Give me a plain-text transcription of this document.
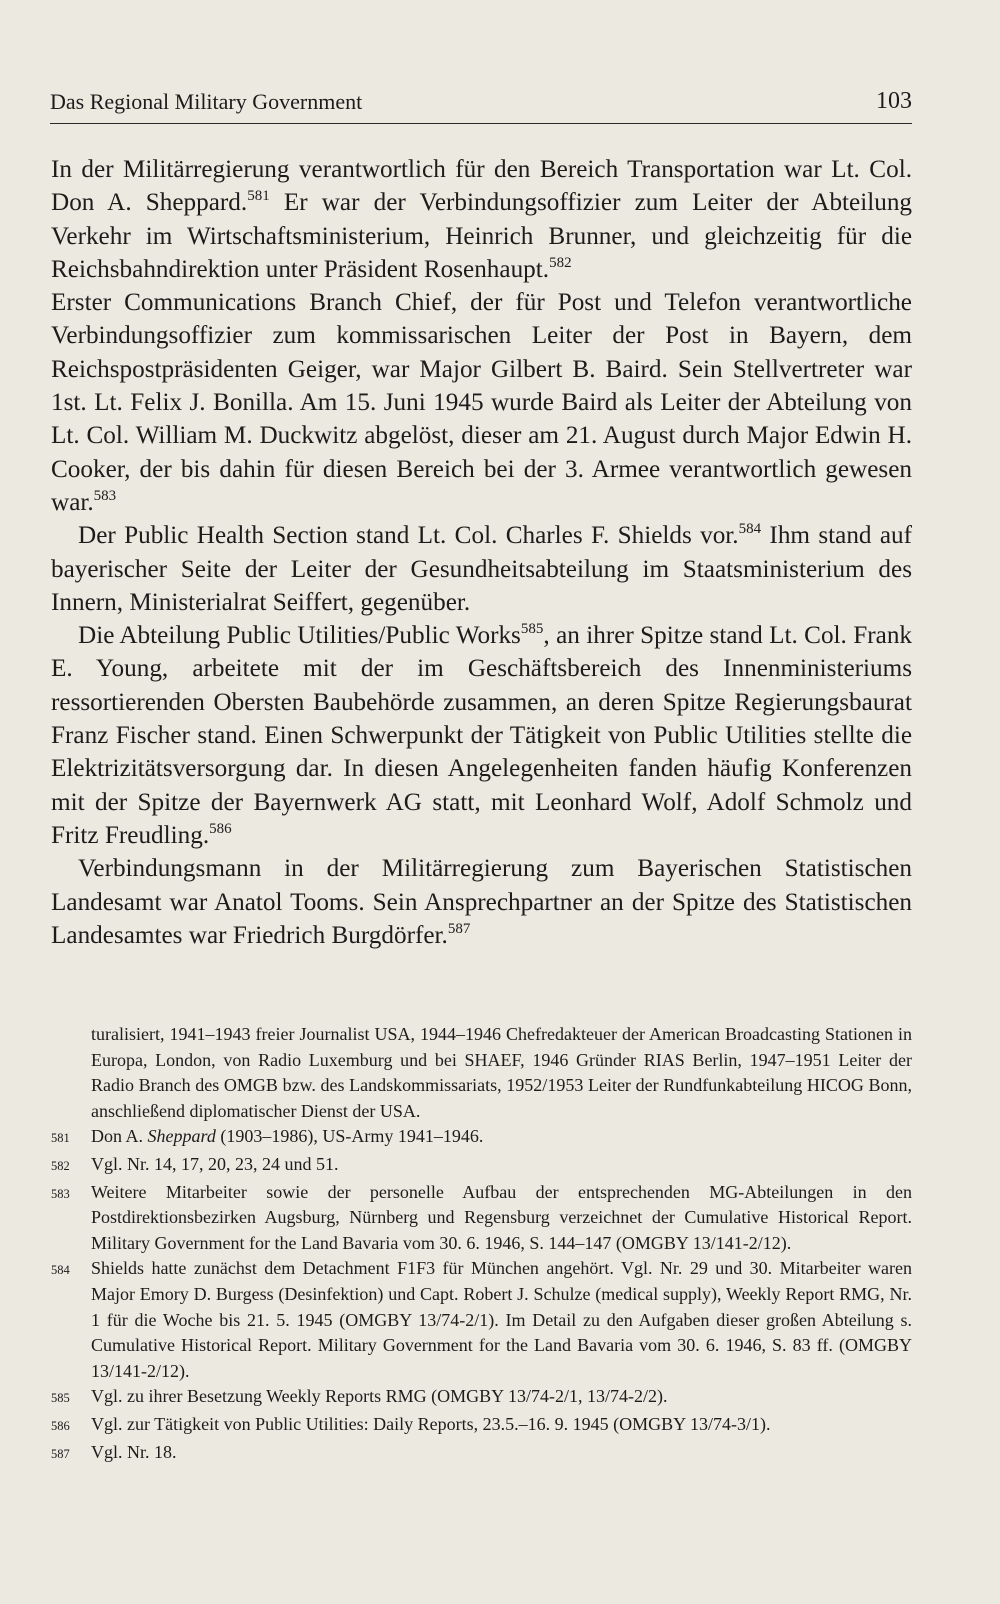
Das Regional Military Government	103

In der Militärregierung verantwortlich für den Bereich Transportation war Lt. Col. Don A. Sheppard.$^{581}$ Er war der Verbindungsoffizier zum Leiter der Abteilung Verkehr im Wirtschaftsministerium, Heinrich Brunner, und gleichzeitig für die Reichsbahndirektion unter Präsident Rosenhaupt.$^{582}$

Erster Communications Branch Chief, der für Post und Telefon verantwortliche Verbindungsoffizier zum kommissarischen Leiter der Post in Bayern, dem Reichspostpräsidenten Geiger, war Major Gilbert B. Baird. Sein Stellvertreter war 1st. Lt. Felix J. Bonilla. Am 15. Juni 1945 wurde Baird als Leiter der Abteilung von Lt. Col. William M. Duckwitz abgelöst, dieser am 21. August durch Major Edwin H. Cooker, der bis dahin für diesen Bereich bei der 3. Armee verantwortlich gewesen war.$^{583}$

Der Public Health Section stand Lt. Col. Charles F. Shields vor.$^{584}$ Ihm stand auf bayerischer Seite der Leiter der Gesundheitsabteilung im Staatsministerium des Innern, Ministerialrat Seiffert, gegenüber.

Die Abteilung Public Utilities/Public Works$^{585}$, an ihrer Spitze stand Lt. Col. Frank E. Young, arbeitete mit der im Geschäftsbereich des Innenministeriums ressortierenden Obersten Baubehörde zusammen, an deren Spitze Regierungsbaurat Franz Fischer stand. Einen Schwerpunkt der Tätigkeit von Public Utilities stellte die Elektrizitätsversorgung dar. In diesen Angelegenheiten fanden häufig Konferenzen mit der Spitze der Bayernwerk AG statt, mit Leonhard Wolf, Adolf Schmolz und Fritz Freudling.$^{586}$

Verbindungsmann in der Militärregierung zum Bayerischen Statistischen Landesamt war Anatol Tooms. Sein Ansprechpartner an der Spitze des Statistischen Landesamtes war Friedrich Burgdörfer.$^{587}$

turalisiert, 1941–1943 freier Journalist USA, 1944–1946 Chefredakteuer der American Broadcasting Stationen in Europa, London, von Radio Luxemburg und bei SHAEF, 1946 Gründer RIAS Berlin, 1947–1951 Leiter der Radio Branch des OMGB bzw. des Landskommissariats, 1952/1953 Leiter der Rundfunkabteilung HICOG Bonn, anschließend diplomatischer Dienst der USA.

581	Don A. Sheppard (1903–1986), US-Army 1941–1946.
582	Vgl. Nr. 14, 17, 20, 23, 24 und 51.
583	Weitere Mitarbeiter sowie der personelle Aufbau der entsprechenden MG-Abteilungen in den Postdirektionsbezirken Augsburg, Nürnberg und Regensburg verzeichnet der Cumulative Historical Report. Military Government for the Land Bavaria vom 30. 6. 1946, S. 144–147 (OMGBY 13/141-2/12).
584	Shields hatte zunächst dem Detachment F1F3 für München angehört. Vgl. Nr. 29 und 30. Mitarbeiter waren Major Emory D. Burgess (Desinfektion) und Capt. Robert J. Schulze (medical supply), Weekly Report RMG, Nr. 1 für die Woche bis 21. 5. 1945 (OMGBY 13/74-2/1). Im Detail zu den Aufgaben dieser großen Abteilung s. Cumulative Historical Report. Military Government for the Land Bavaria vom 30. 6. 1946, S. 83 ff. (OMGBY 13/141-2/12).
585	Vgl. zu ihrer Besetzung Weekly Reports RMG (OMGBY 13/74-2/1, 13/74-2/2).
586	Vgl. zur Tätigkeit von Public Utilities: Daily Reports, 23.5.–16. 9. 1945 (OMGBY 13/74-3/1).
587	Vgl. Nr. 18.
